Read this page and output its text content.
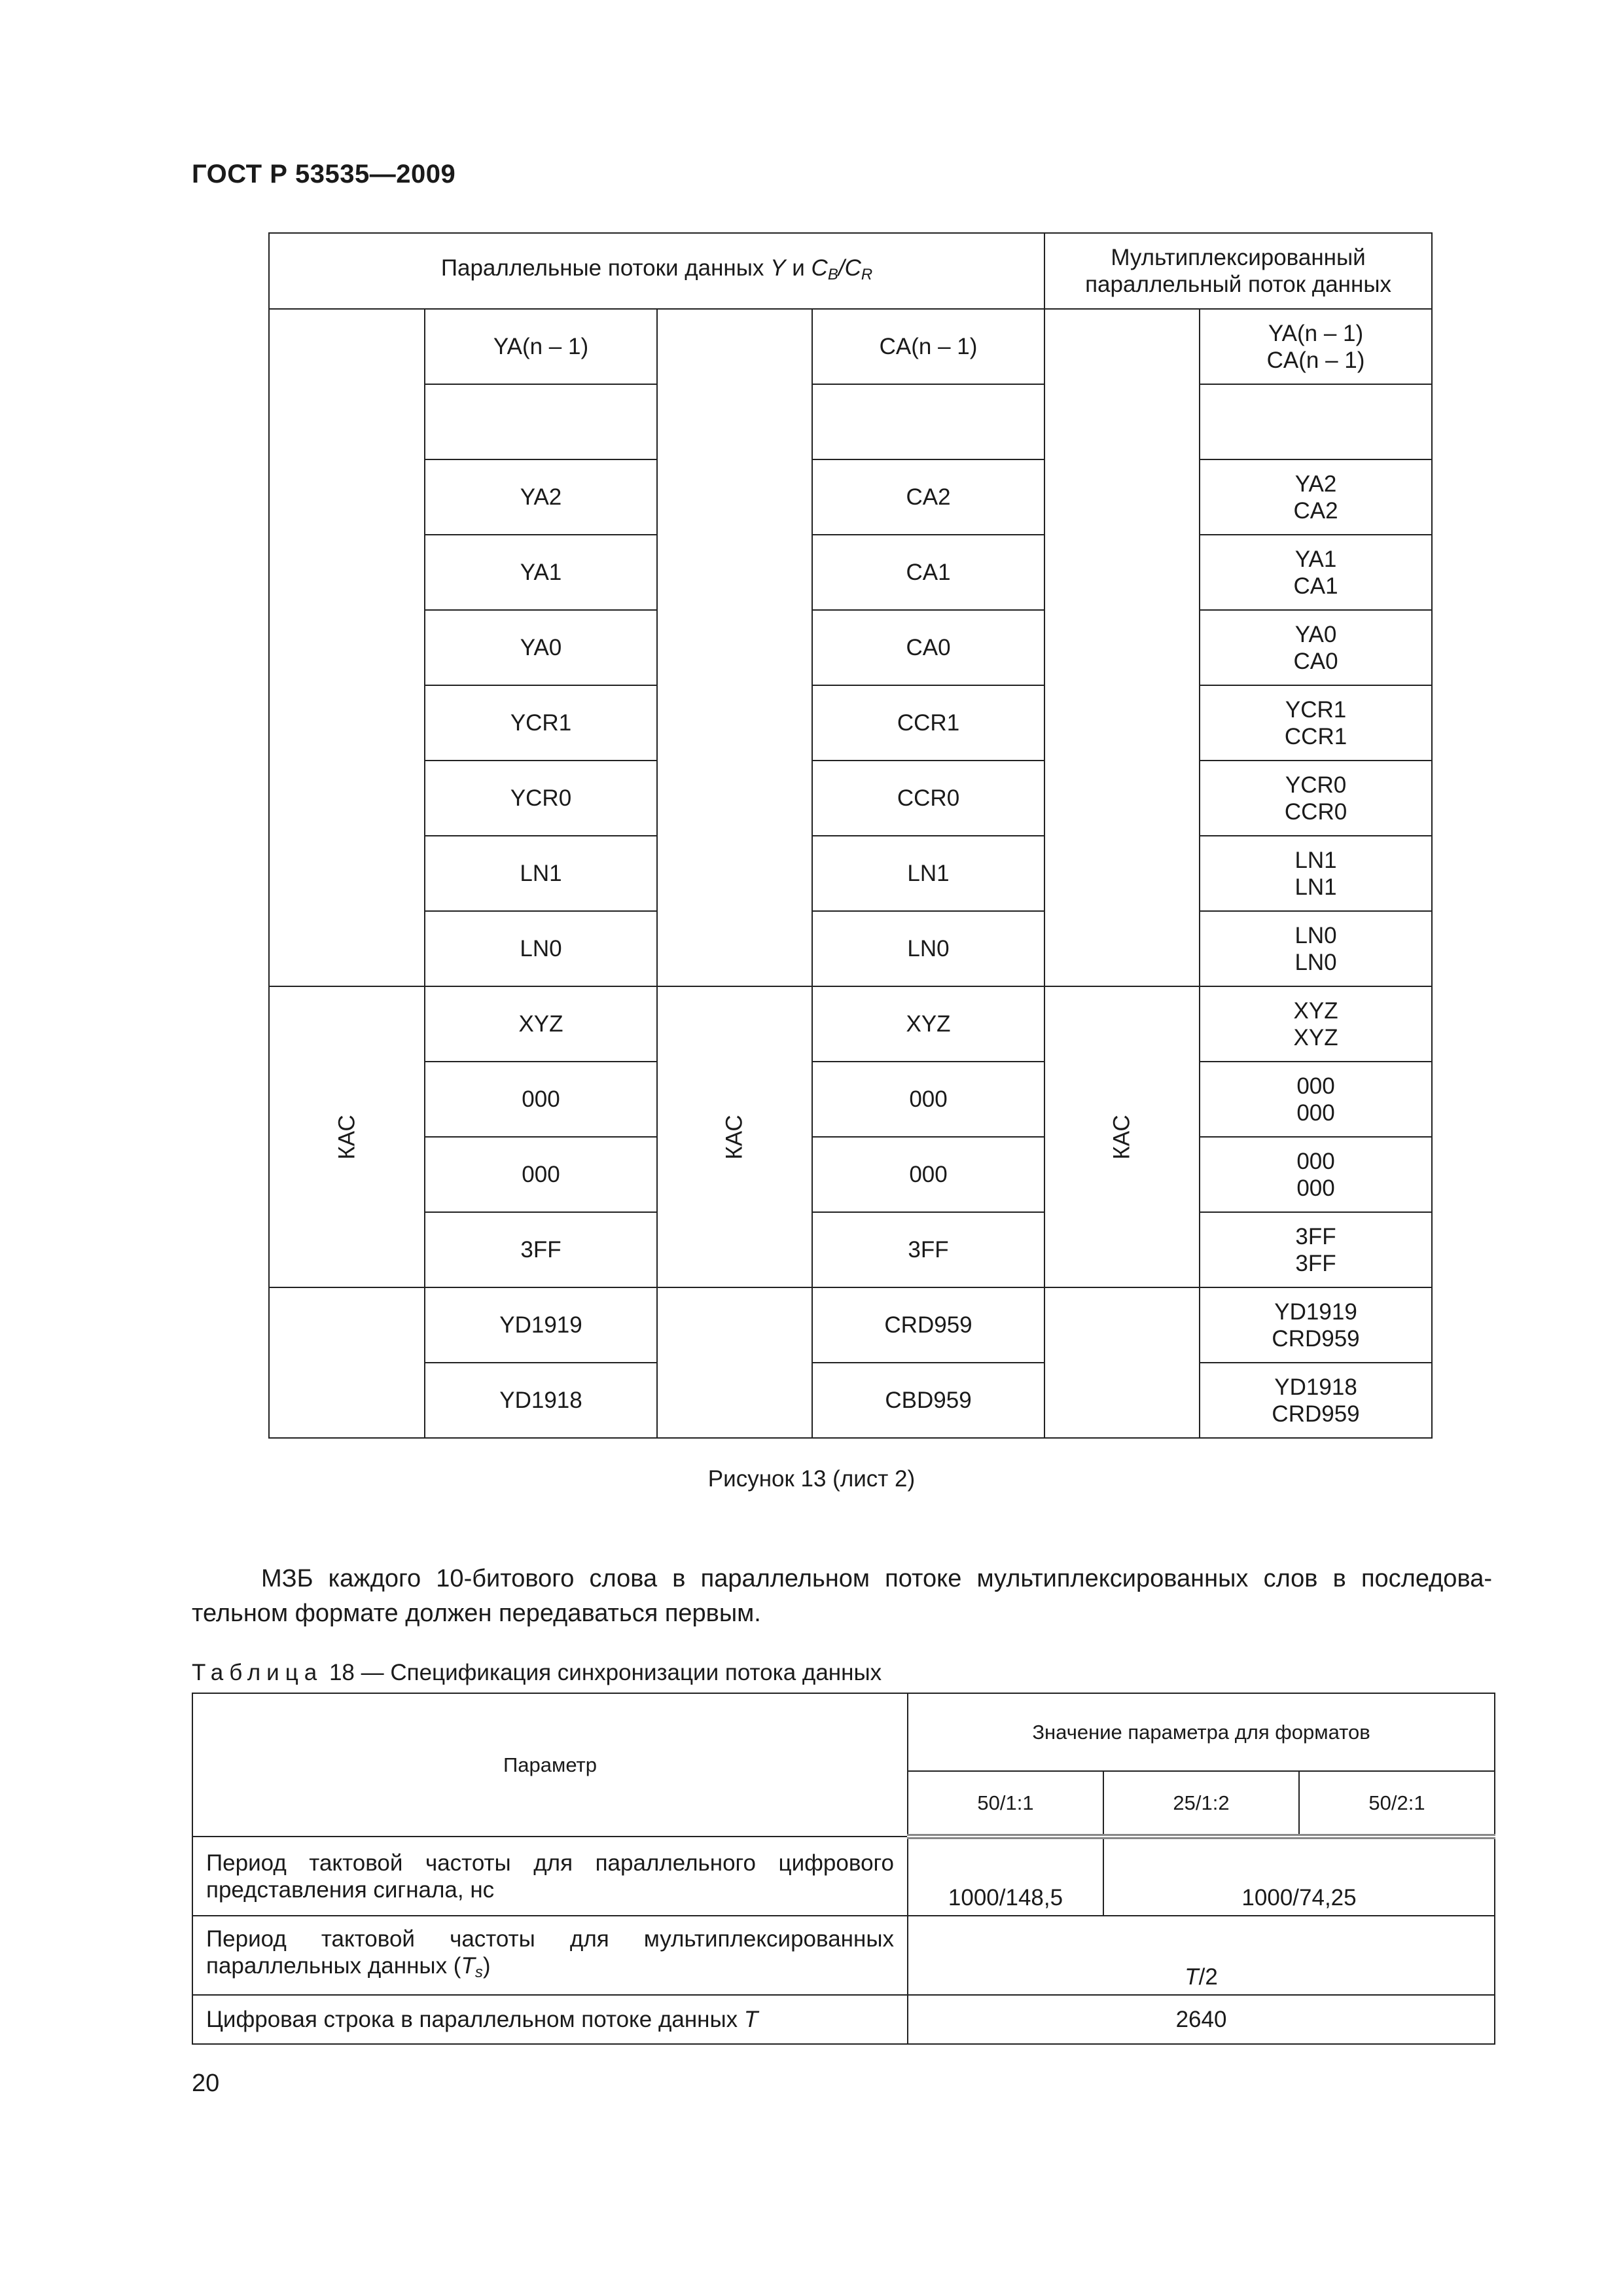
ГОСТ Р 53535—2009
Параллельные потоки данных Y и $C_B/C_R$				Мультиплексированный
параллельный поток данных	
	YA(n – 1)		CA(n – 1)		YA(n – 1)
CA(n – 1)

	YA2		CA2		YA2
CA2
	YA1		CA1		YA1
CA1
	YA0		CA0		YA0
CA0
	YCR1		CCR1		YCR1
CCR1
	YCR0		CCR0		YCR0
CCR0
	LN1		LN1		LN1
LN1
	LN0		LN0		LN0
LN0
КАС	XYZ	КАС	XYZ	КАС	XYZ
XYZ
	000		000		000
000
	000		000		000
000
	3FF		3FF		3FF
3FF
	YD1919		CRD959		YD1919
CRD959
	YD1918		CBD959		YD1918
CRD959
Рисунок 13 (лист 2)
МЗБ каждого 10-битового слова в параллельном потоке мультиплексированных слов в последова-
тельном формате должен передаваться первым.
Таблица 18 — Спецификация синхронизации потока данных
Параметр	Значение параметра для форматов		
	50/1:1	25/1:2	50/2:1
Период тактовой частоты для параллельного цифрового представления сигнала, нс	1000/148,5	1000/74,25	
Период тактовой частоты для мультиплексированных параллельных данных $(T_s)$	T/2		
Цифровая строка в параллельном потоке данных T	2640		
20
